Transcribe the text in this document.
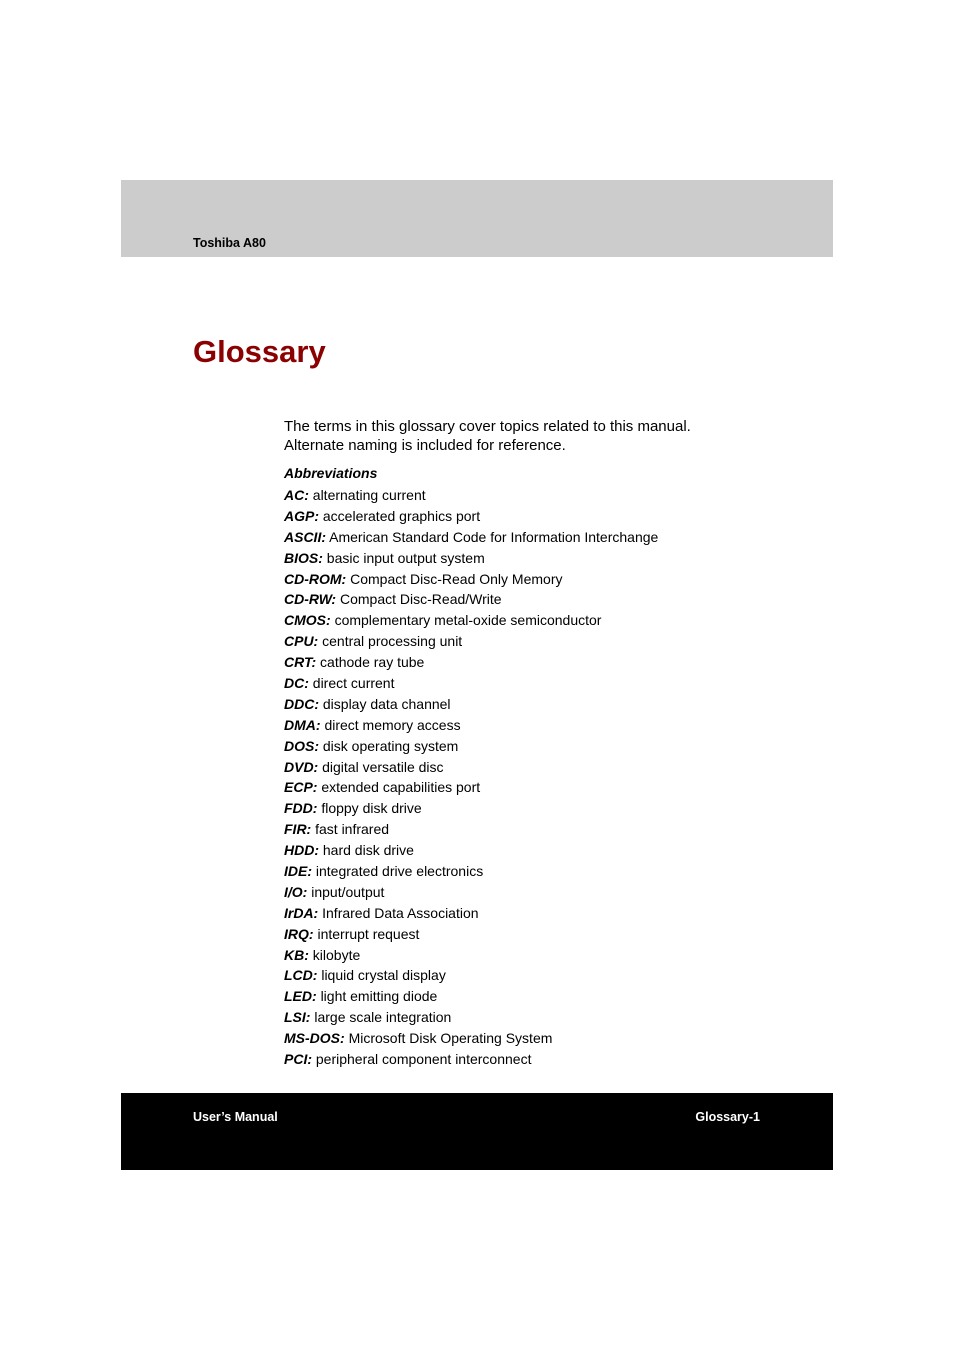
Toshiba A80
Glossary

The terms in this glossary cover topics related to this manual.
Alternate naming is included for reference.

Abbreviations
AC: alternating current
AGP: accelerated graphics port
ASCII: American Standard Code for Information Interchange
BIOS: basic input output system
CD-ROM: Compact Disc-Read Only Memory
CD-RW: Compact Disc-Read/Write
CMOS: complementary metal-oxide semiconductor
CPU: central processing unit
CRT: cathode ray tube
DC: direct current
DDC: display data channel
DMA: direct memory access
DOS: disk operating system
DVD: digital versatile disc
ECP: extended capabilities port
FDD: floppy disk drive
FIR: fast infrared
HDD: hard disk drive
IDE: integrated drive electronics
I/O: input/output
IrDA: Infrared Data Association
IRQ: interrupt request
KB: kilobyte
LCD: liquid crystal display
LED: light emitting diode
LSI: large scale integration
MS-DOS: Microsoft Disk Operating System
PCI: peripheral component interconnect
User’s Manual	Glossary-1
